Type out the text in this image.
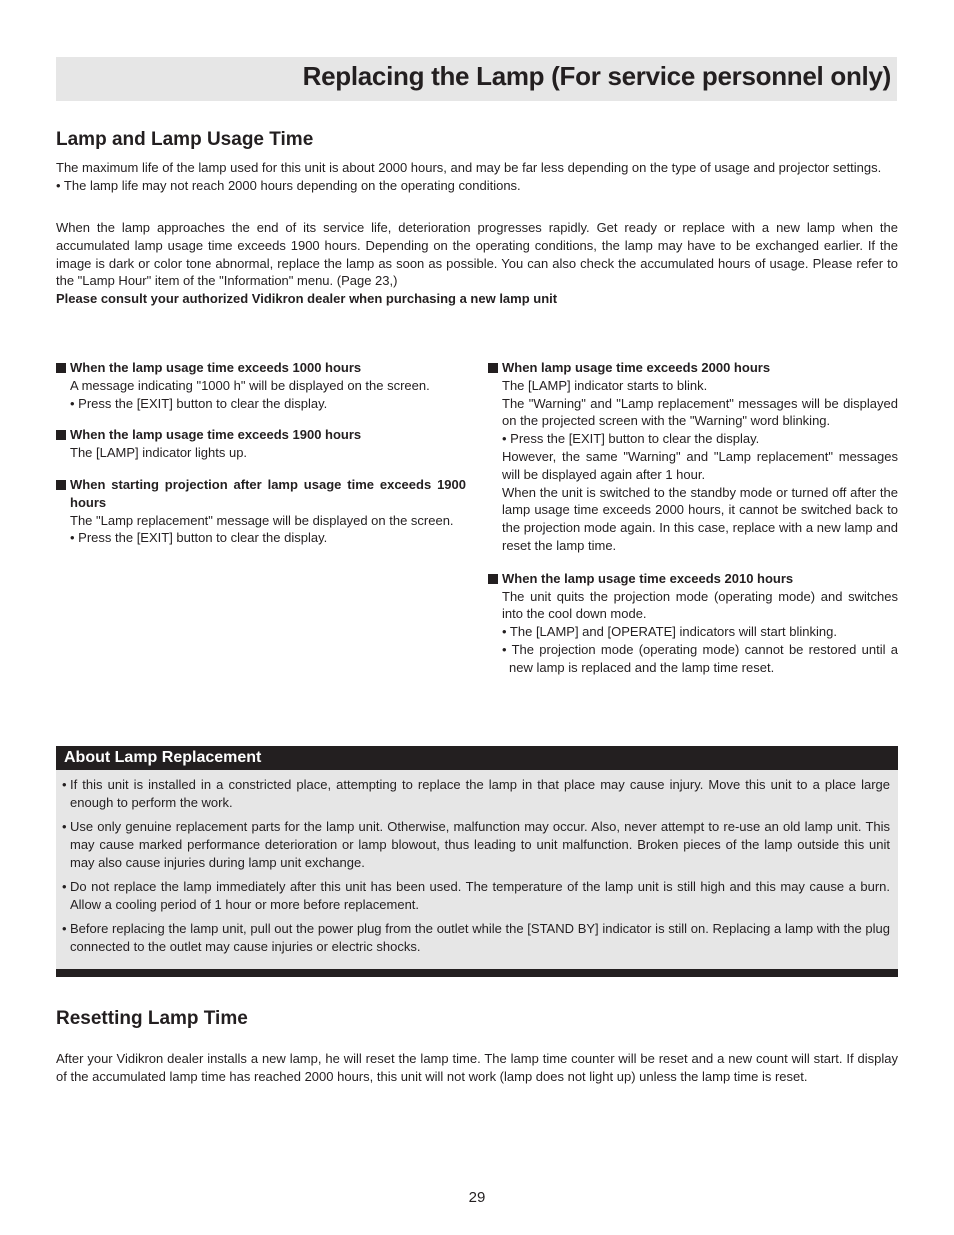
Replacing the Lamp (For service personnel only)
Lamp and Lamp Usage Time

The maximum life of the lamp used for this unit is about 2000 hours, and may be far less depending on the type of usage and projector settings.

• The lamp life may not reach 2000 hours depending on the operating conditions.

When the lamp approaches the end of its service life, deterioration progresses rapidly. Get ready or replace with a new lamp when the accumulated lamp usage time exceeds 1900 hours. Depending on the operating conditions, the lamp may have to be exchanged earlier. If the image is dark or color tone abnormal, replace the lamp as soon as possible. You can also check the accumulated hours of usage. Please refer to the "Lamp Hour" item of the "Information" menu. (Page 23,)

Please consult your authorized Vidikron dealer when purchasing a new lamp unit

When the lamp usage time exceeds 1000 hours

A message indicating "1000 h" will be displayed on the screen.

• Press the [EXIT] button to clear the display.

When the lamp usage time exceeds 1900 hours

The [LAMP] indicator lights up.

When starting projection after lamp usage time exceeds 1900 hours

The "Lamp replacement" message will be displayed on the screen.

• Press the [EXIT] button to clear the display.

When lamp usage time exceeds 2000 hours

The [LAMP] indicator starts to blink.

The "Warning" and "Lamp replacement" messages will be displayed on the projected screen with the "Warning" word blinking.

• Press the [EXIT] button to clear the display.

However, the same "Warning" and "Lamp replacement" messages will be displayed again after 1 hour.

When the unit is switched to the standby mode or turned off after the lamp usage time exceeds 2000 hours, it cannot be switched back to the projection mode again. In this case, replace with a new lamp and reset the lamp time.

When the lamp usage time exceeds 2010 hours

The unit quits the projection mode (operating mode) and switches into the cool down mode.

• The [LAMP] and [OPERATE] indicators will start blinking.

• The projection mode (operating mode) cannot be restored until a new lamp is replaced and the lamp time reset.

About Lamp Replacement
• If this unit is installed in a constricted place, attempting to replace the lamp in that place may cause injury. Move this unit to a place large enough to perform the work.
• Use only genuine replacement parts for the lamp unit. Otherwise, malfunction may occur. Also, never attempt to re-use an old lamp unit. This may cause marked performance deterioration or lamp blowout, thus leading to unit malfunction. Broken pieces of the lamp outside this unit may also cause injuries during lamp unit exchange.
• Do not replace the lamp immediately after this unit has been used. The temperature of the lamp unit is still high and this may cause a burn. Allow a cooling period of 1 hour or more before replacement.
• Before replacing the lamp unit, pull out the power plug from the outlet while the [STAND BY] indicator is still on. Replacing a lamp with the plug connected to the outlet may cause injuries or electric shocks.
Resetting Lamp Time

After your Vidikron dealer installs a new lamp, he will reset the lamp time. The lamp time counter will be reset and a new count will start. If display of the accumulated lamp time has reached 2000 hours, this unit will not work (lamp does not light up) unless the lamp time is reset.

29
